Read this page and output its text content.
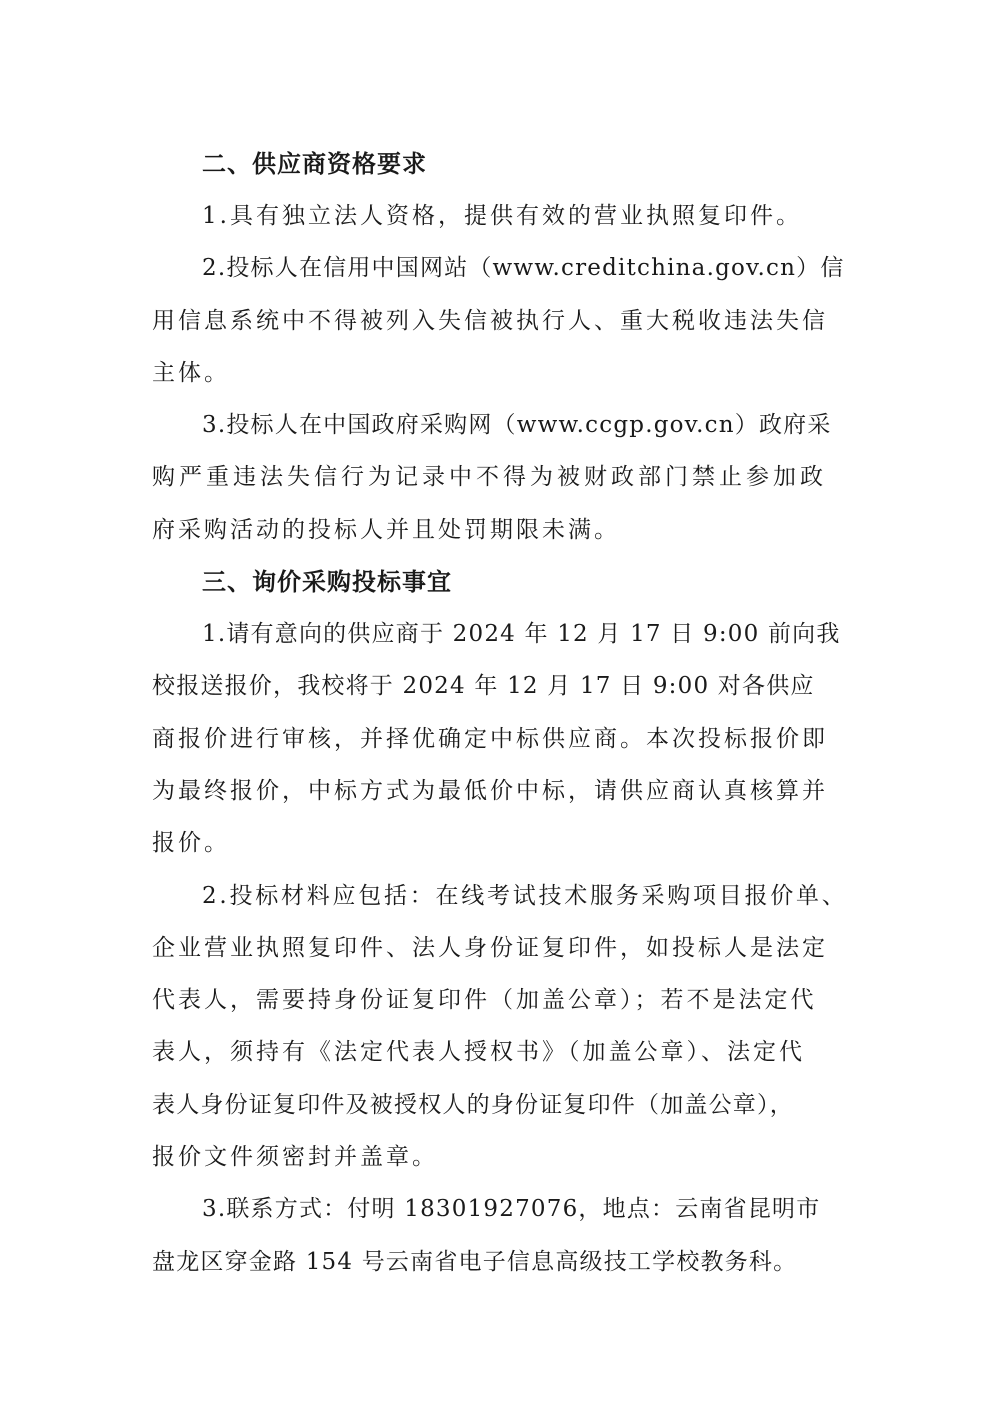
二、供应商资格要求

1.具有独立法人资格，提供有效的营业执照复印件。

2.投标人在信用中国网站（www.creditchina.gov.cn）信
用信息系统中不得被列入失信被执行人、重大税收违法失信
主体。

3.投标人在中国政府采购网（www.ccgp.gov.cn）政府采
购严重违法失信行为记录中不得为被财政部门禁止参加政
府采购活动的投标人并且处罚期限未满。

三、询价采购投标事宜

1.请有意向的供应商于 2024 年 12 月 17 日 9:00 前向我
校报送报价，我校将于 2024 年 12 月 17 日 9:00 对各供应
商报价进行审核，并择优确定中标供应商。本次投标报价即
为最终报价，中标方式为最低价中标，请供应商认真核算并
报价。

2.投标材料应包括：在线考试技术服务采购项目报价单、
企业营业执照复印件、法人身份证复印件，如投标人是法定
代表人，需要持身份证复印件（加盖公章）；若不是法定代
表人，须持有《法定代表人授权书》（加盖公章）、法定代
表人身份证复印件及被授权人的身份证复印件（加盖公章），
报价文件须密封并盖章。

3.联系方式：付明 18301927076，地点：云南省昆明市
盘龙区穿金路 154 号云南省电子信息高级技工学校教务科。
